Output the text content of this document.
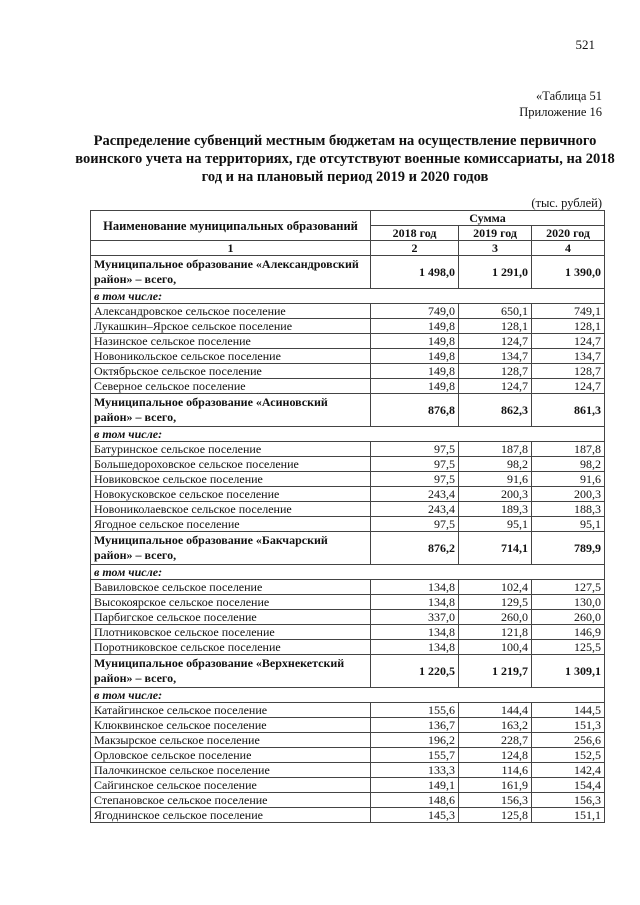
521
«Таблица 51
Приложение 16
Распределение субвенций местным бюджетам на осуществление первичного воинского учета на территориях, где отсутствуют военные комиссариаты, на 2018 год и на плановый период 2019 и 2020 годов
(тыс. рублей)
Наименование муниципальных образований	Сумма		
	2018 год	2019 год	2020 год
1	2	3	4
Муниципальное образование «Александровский район» – всего,	1 498,0	1 291,0	1 390,0
в том числе:			
Александровское сельское поселение	749,0	650,1	749,1
Лукашкин–Ярское сельское поселение	149,8	128,1	128,1
Назинское сельское поселение	149,8	124,7	124,7
Новоникольское сельское поселение	149,8	134,7	134,7
Октябрьское сельское поселение	149,8	128,7	128,7
Северное сельское поселение	149,8	124,7	124,7
Муниципальное образование «Асиновский район» – всего,	876,8	862,3	861,3
в том числе:			
Батуринское сельское поселение	97,5	187,8	187,8
Большедороховское сельское поселение	97,5	98,2	98,2
Новиковское сельское поселение	97,5	91,6	91,6
Новокусковское сельское поселение	243,4	200,3	200,3
Новониколаевское сельское поселение	243,4	189,3	188,3
Ягодное сельское поселение	97,5	95,1	95,1
Муниципальное образование «Бакчарский район» – всего,	876,2	714,1	789,9
в том числе:			
Вавиловское сельское поселение	134,8	102,4	127,5
Высокоярское сельское поселение	134,8	129,5	130,0
Парбигское сельское поселение	337,0	260,0	260,0
Плотниковское сельское поселение	134,8	121,8	146,9
Поротниковское сельское поселение	134,8	100,4	125,5
Муниципальное образование «Верхнекетский район» – всего,	1 220,5	1 219,7	1 309,1
в том числе:			
Катайгинское сельское поселение	155,6	144,4	144,5
Клюквинское сельское поселение	136,7	163,2	151,3
Макзырское сельское поселение	196,2	228,7	256,6
Орловское сельское поселение	155,7	124,8	152,5
Палочкинское сельское поселение	133,3	114,6	142,4
Сайгинское сельское поселение	149,1	161,9	154,4
Степановское сельское поселение	148,6	156,3	156,3
Ягоднинское сельское поселение	145,3	125,8	151,1
